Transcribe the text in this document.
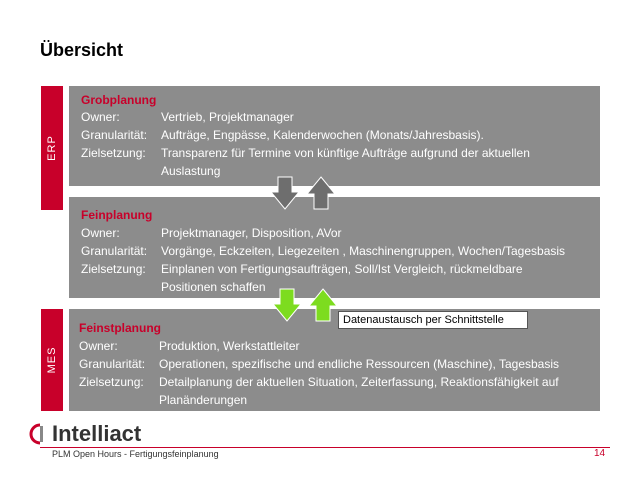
Übersicht
ERP
MES
Grobplanung
Owner:	Vertrieb, Projektmanager
Granularität:	Aufträge, Engpässe, Kalenderwochen (Monats/Jahresbasis).
Zielsetzung:	Transparenz für Termine von künftige Aufträge aufgrund der aktuellen
Auslastung
Feinplanung
Owner:	Projektmanager, Disposition, AVor
Granularität:	Vorgänge, Eckzeiten, Liegezeiten , Maschinengruppen, Wochen/Tagesbasis
Zielsetzung:	Einplanen von Fertigungsaufträgen, Soll/Ist Vergleich, rückmeldbare
Positionen schaffen
Feinstplanung
Owner:	Produktion, Werkstattleiter
Granularität:	Operationen, spezifische und endliche Ressourcen (Maschine), Tagesbasis
Zielsetzung:	Detailplanung der aktuellen Situation, Zeiterfassung, Reaktionsfähigkeit auf
Planänderungen
Datenaustausch per Schnittstelle
Intelliact
PLM Open Hours - Fertigungsfeinplanung	14
